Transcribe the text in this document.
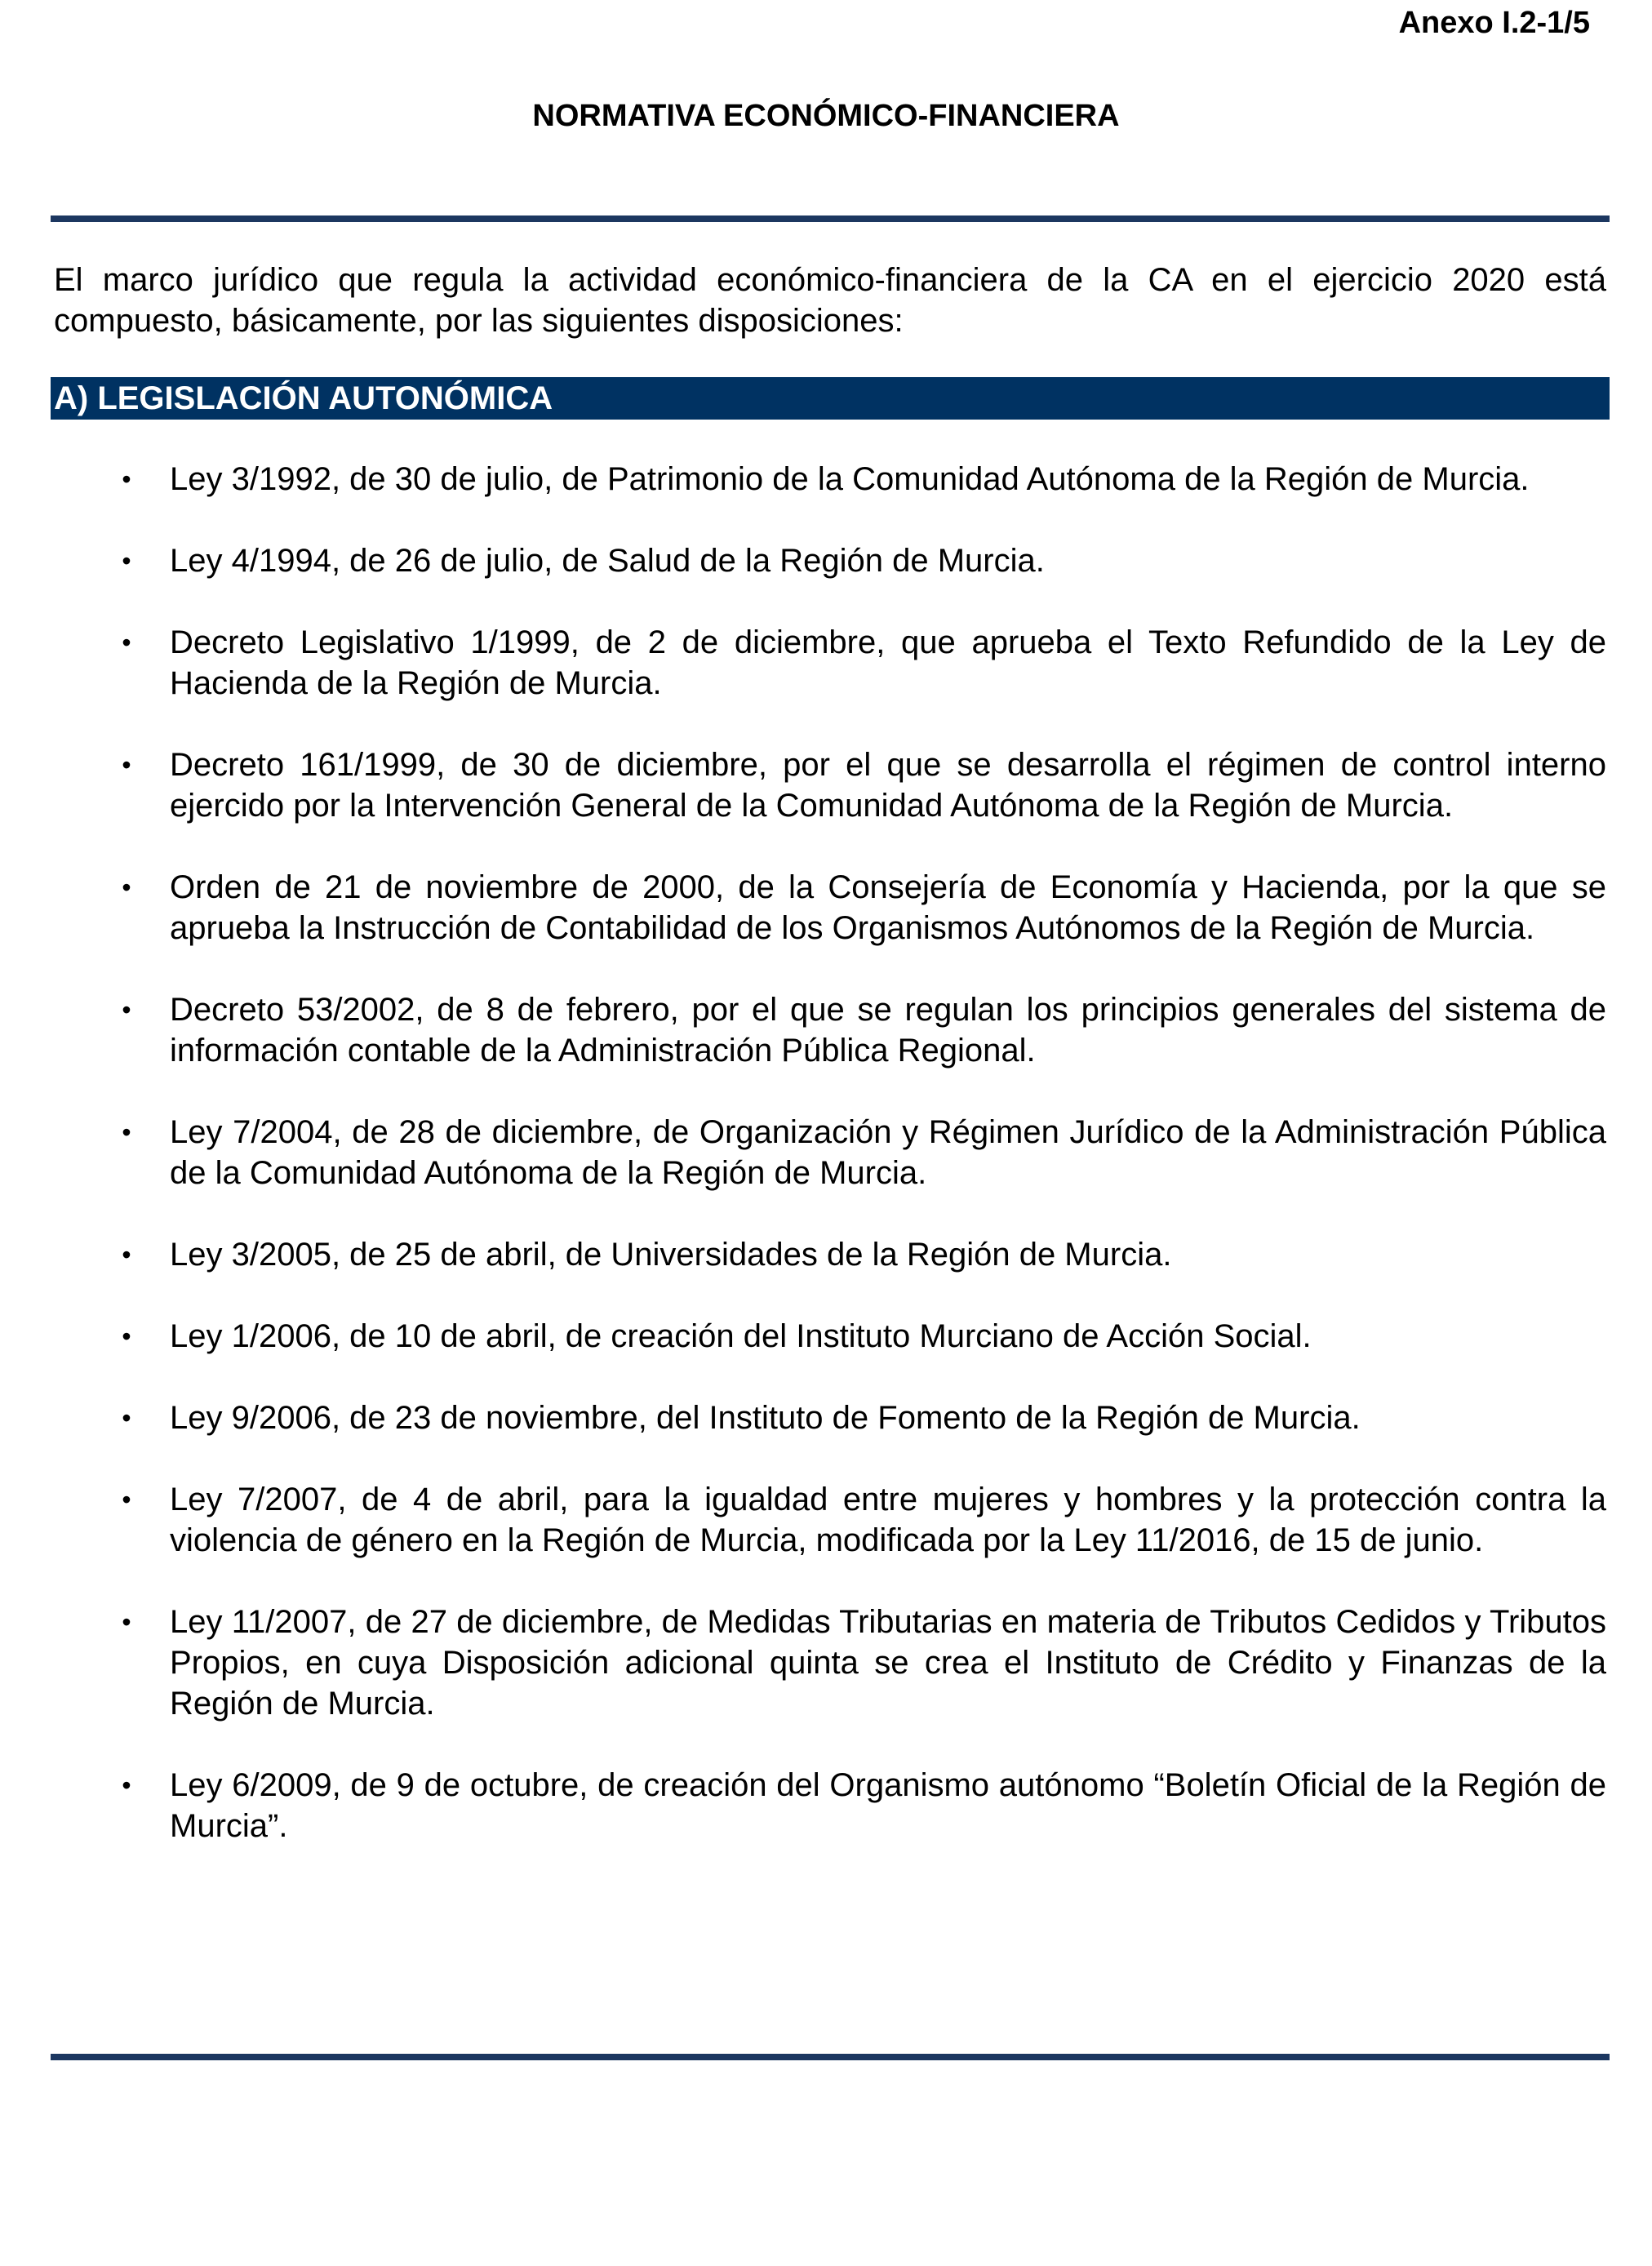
Anexo I.2-1/5
NORMATIVA ECONÓMICO-FINANCIERA

El marco jurídico que regula la actividad económico-financiera de la CA en el ejercicio 2020 está compuesto, básicamente, por las siguientes disposiciones:

A) LEGISLACIÓN AUTONÓMICA
• Ley 3/1992, de 30 de julio, de Patrimonio de la Comunidad Autónoma de la Región de Murcia.
• Ley 4/1994, de 26 de julio, de Salud de la Región de Murcia.
• Decreto Legislativo 1/1999, de 2 de diciembre, que aprueba el Texto Refundido de la Ley de Hacienda de la Región de Murcia.
• Decreto 161/1999, de 30 de diciembre, por el que se desarrolla el régimen de control interno ejercido por la Intervención General de la Comunidad Autónoma de la Región de Murcia.
• Orden de 21 de noviembre de 2000, de la Consejería de Economía y Hacienda, por la que se aprueba la Instrucción de Contabilidad de los Organismos Autónomos de la Región de Murcia.
• Decreto 53/2002, de 8 de febrero, por el que se regulan los principios generales del sistema de información contable de la Administración Pública Regional.
• Ley 7/2004, de 28 de diciembre, de Organización y Régimen Jurídico de la Administración Pública de la Comunidad Autónoma de la Región de Murcia.
• Ley 3/2005, de 25 de abril, de Universidades de la Región de Murcia.
• Ley 1/2006, de 10 de abril, de creación del Instituto Murciano de Acción Social.
• Ley 9/2006, de 23 de noviembre, del Instituto de Fomento de la Región de Murcia.
• Ley 7/2007, de 4 de abril, para la igualdad entre mujeres y hombres y la protección contra la violencia de género en la Región de Murcia, modificada por la Ley 11/2016, de 15 de junio.
• Ley 11/2007, de 27 de diciembre, de Medidas Tributarias en materia de Tributos Cedidos y Tributos Propios, en cuya Disposición adicional quinta se crea el Instituto de Crédito y Finanzas de la Región de Murcia.
• Ley 6/2009, de 9 de octubre, de creación del Organismo autónomo “Boletín Oficial de la Región de Murcia”.
